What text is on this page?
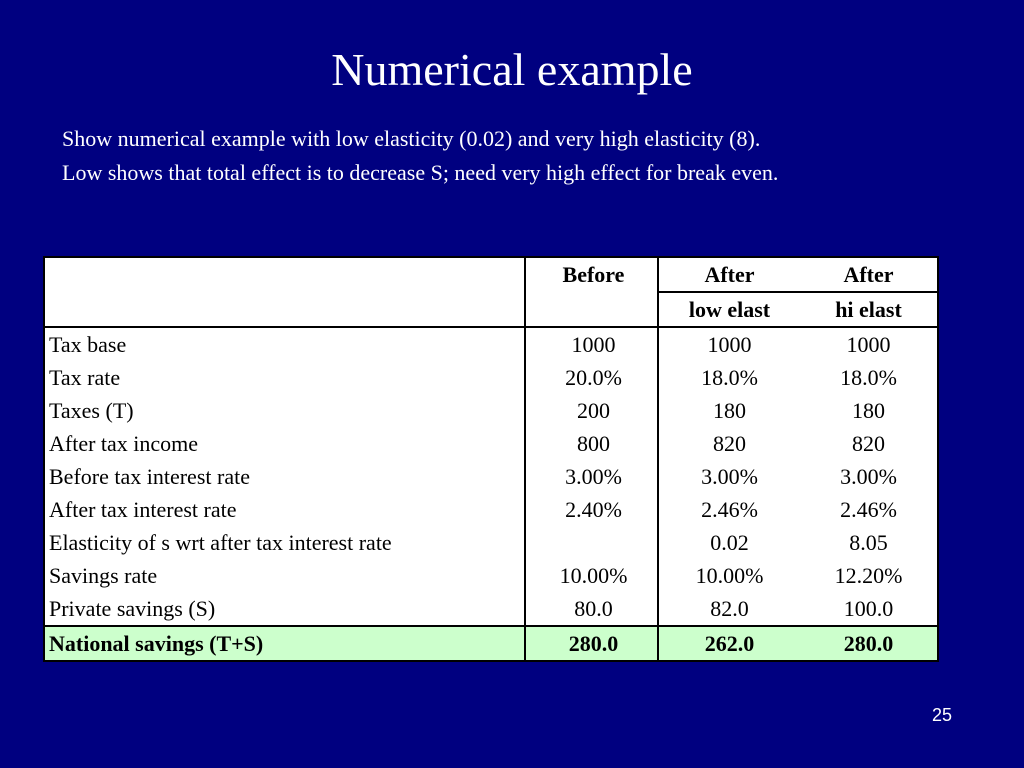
Numerical example
Show numerical example with low elasticity (0.02) and very high elasticity (8).
Low shows that total effect is to decrease S; need very high effect for break even.
	Before	After	After
		low elast	hi elast
Tax base	1000	1000	1000
Tax rate	20.0%	18.0%	18.0%
Taxes (T)	200	180	180
After tax income	800	820	820
Before tax interest rate	3.00%	3.00%	3.00%
After tax interest rate	2.40%	2.46%	2.46%
Elasticity of s wrt after tax interest rate		0.02	8.05
Savings rate	10.00%	10.00%	12.20%
Private savings (S)	80.0	82.0	100.0
National savings (T+S)	280.0	262.0	280.0
25
